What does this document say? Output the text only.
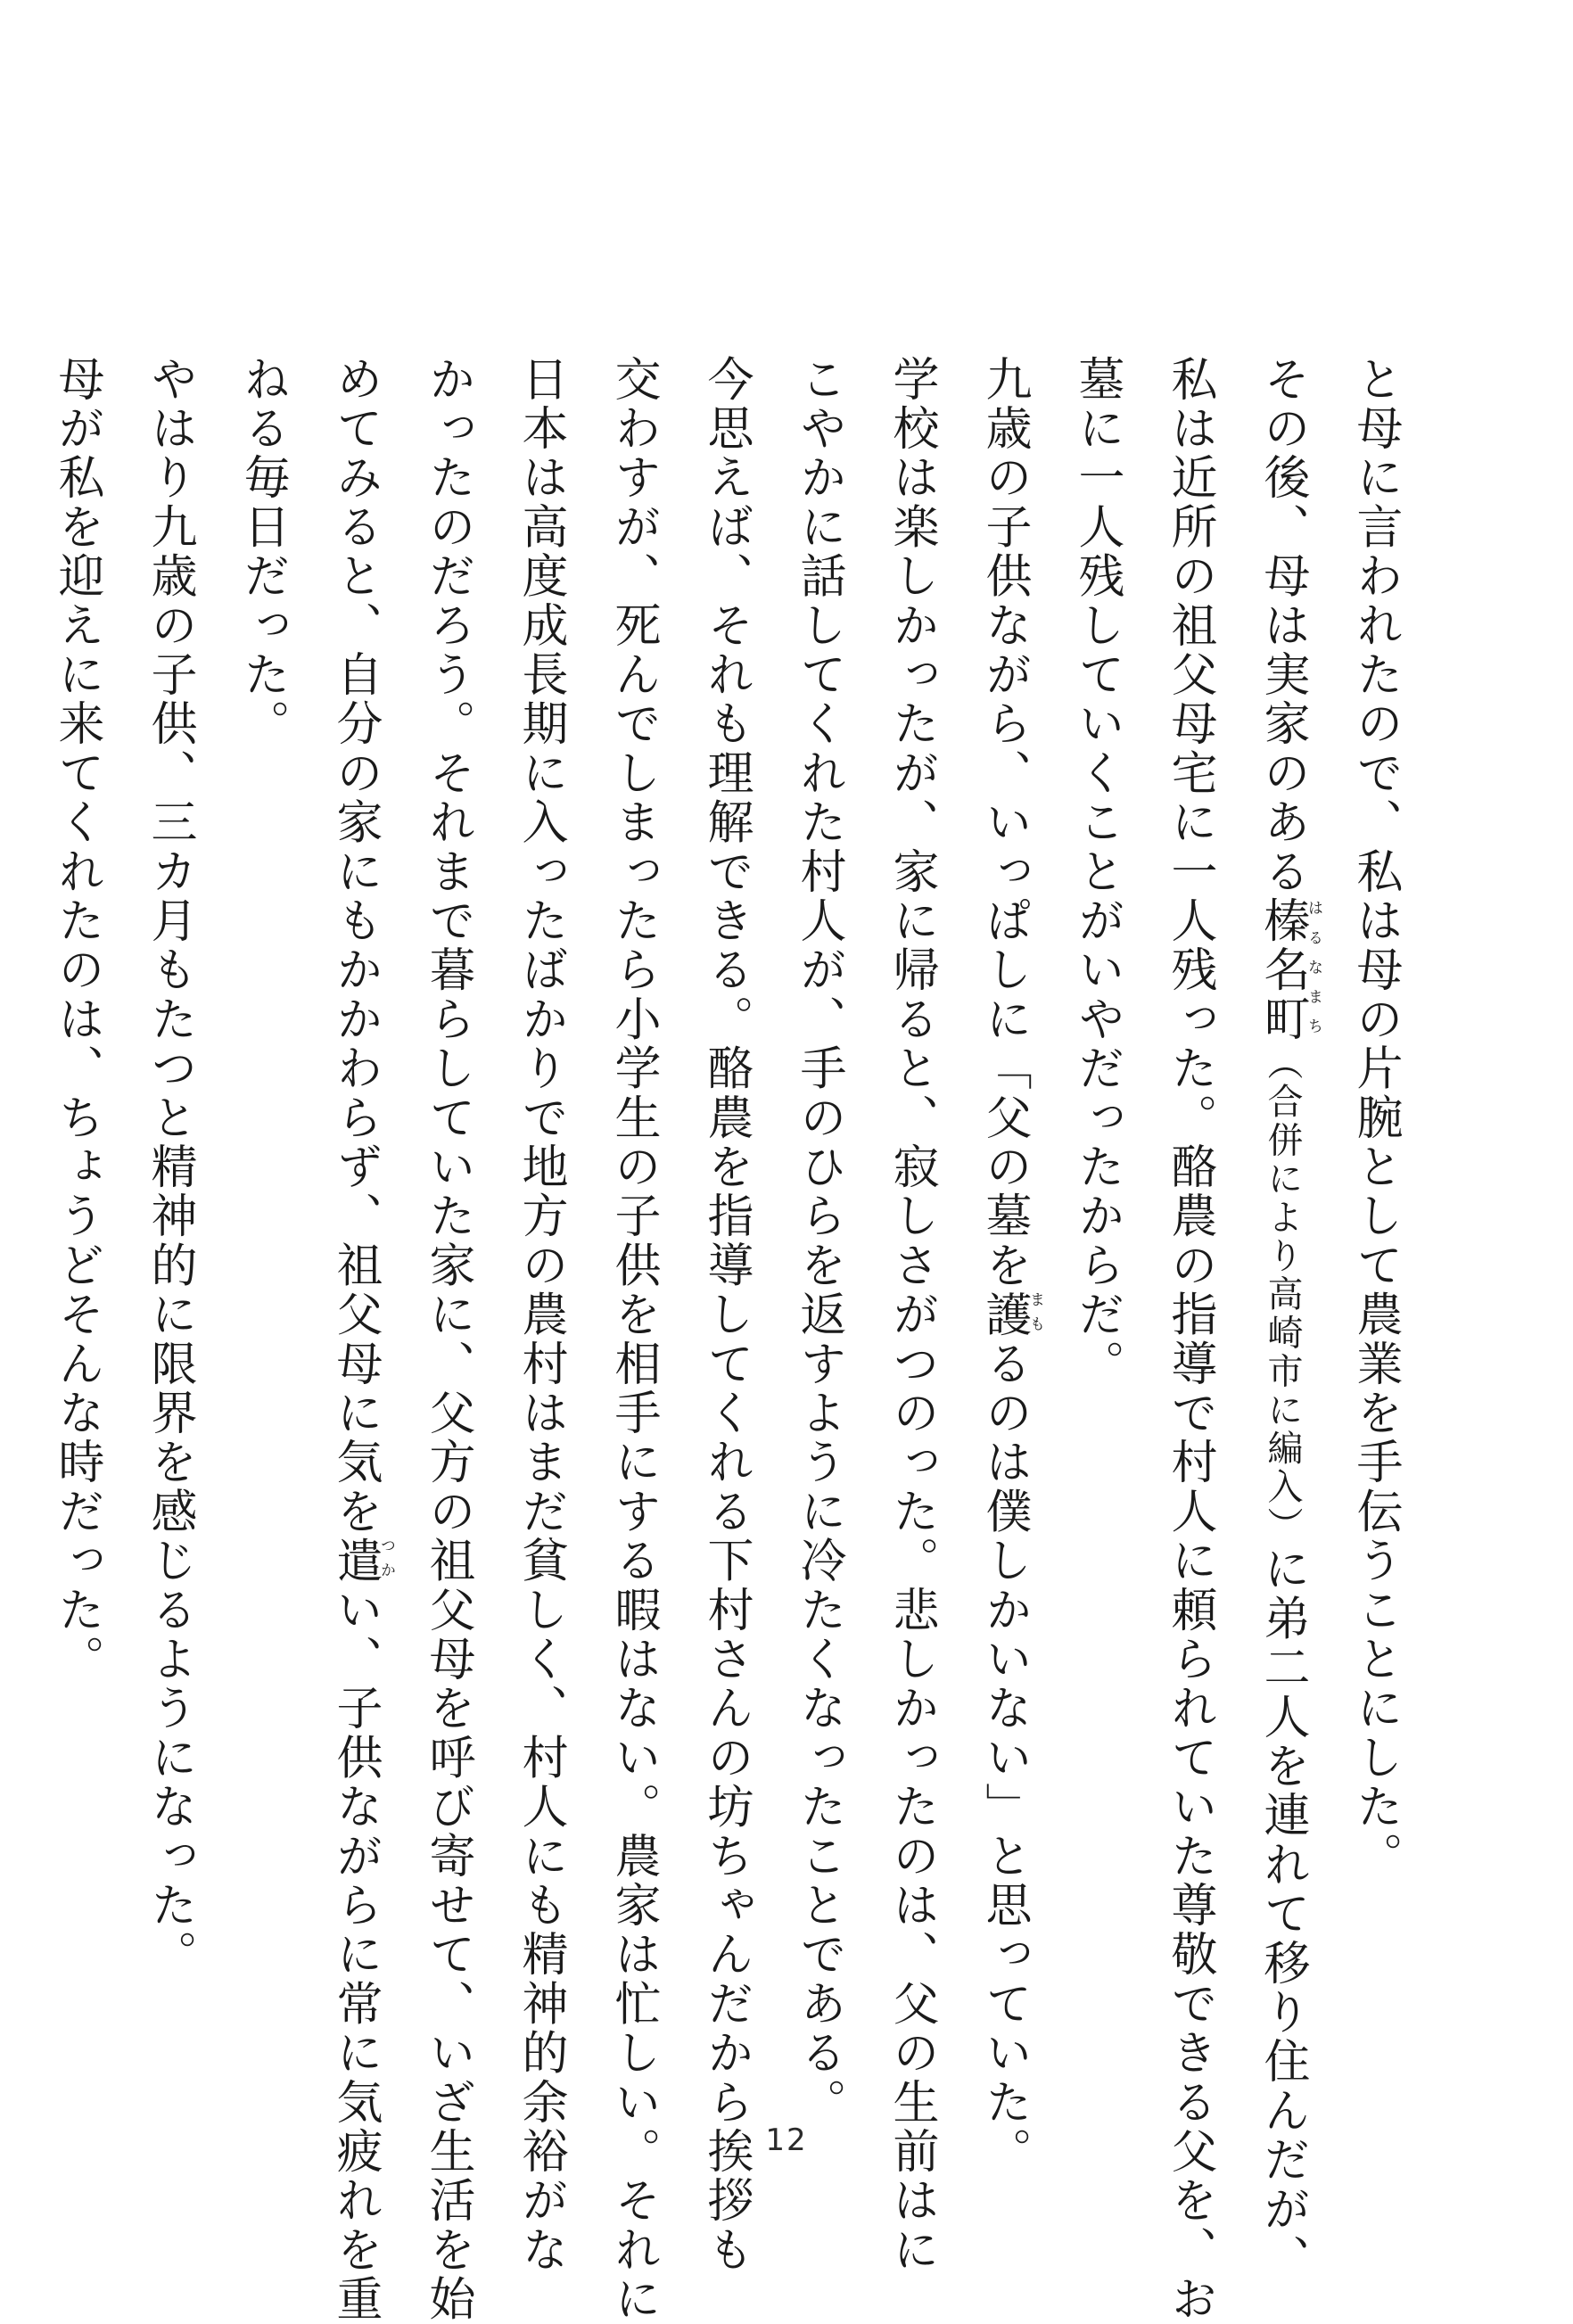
と母に言われたので、私は母の片腕として農業を手伝うことにした。
その後、母は実家のある榛名町はるなまち（合併により高崎市に編入）に弟二人を連れて移り住んだが、
私は近所の祖父母宅に一人残った。酪農の指導で村人に頼られていた尊敬できる父を、お
墓に一人残していくことがいやだったからだ。
九歳の子供ながら、いっぱしに「父の墓を護まもるのは僕しかいない」と思っていた。
学校は楽しかったが、家に帰ると、寂しさがつのった。悲しかったのは、父の生前はに
こやかに話してくれた村人が、手のひらを返すように冷たくなったことである。
今思えば、それも理解できる。酪農を指導してくれる下村さんの坊ちゃんだから挨拶も
交わすが、死んでしまったら小学生の子供を相手にする暇はない。農家は忙しい。それに
日本は高度成長期に入ったばかりで地方の農村はまだ貧しく、村人にも精神的余裕がな
かったのだろう。それまで暮らしていた家に、父方の祖父母を呼び寄せて、いざ生活を始
めてみると、自分の家にもかかわらず、祖父母に気を遣つかい、子供ながらに常に気疲れを重
ねる毎日だった。
やはり九歳の子供、三カ月もたつと精神的に限界を感じるようになった。
母が私を迎えに来てくれたのは、ちょうどそんな時だった。
12
